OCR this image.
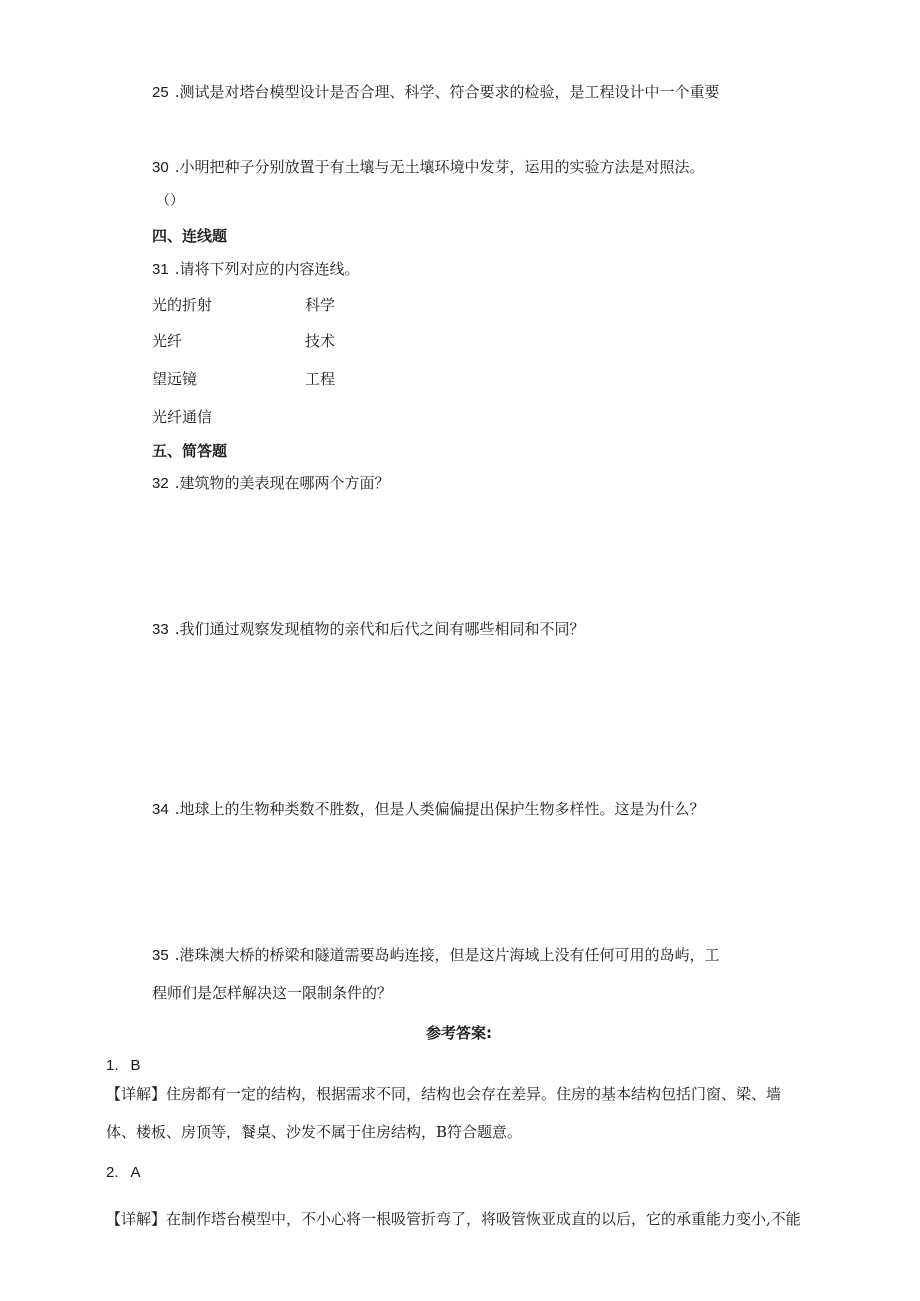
25 .测试是对塔台模型设计是否合理、科学、符合要求的检验，是工程设计中一个重要
30 .小明把种子分别放置于有土壤与无土壤环境中发芽，运用的实验方法是对照法。
（）
四、连线题
31 .请将下列对应的内容连线。
光的折射	科学
光纤	技术
望远镜	工程
光纤通信
五、简答题
32 .建筑物的美表现在哪两个方面？
33 .我们通过观察发现植物的亲代和后代之间有哪些相同和不同？
34 .地球上的生物种类数不胜数，但是人类偏偏提出保护生物多样性。这是为什么？
35 .港珠澳大桥的桥梁和隧道需要岛屿连接，但是这片海域上没有任何可用的岛屿，工
程师们是怎样解决这一限制条件的？
参考答案:
1. B
【详解】住房都有一定的结构，根据需求不同，结构也会存在差异。住房的基本结构包括门窗、梁、墙
体、楼板、房顶等，餐桌、沙发不属于住房结构，B符合题意。
2. A
【详解】在制作塔台模型中，不小心将一根吸管折弯了，将吸管恢亚成直的以后，它的承重能力变小,不能
